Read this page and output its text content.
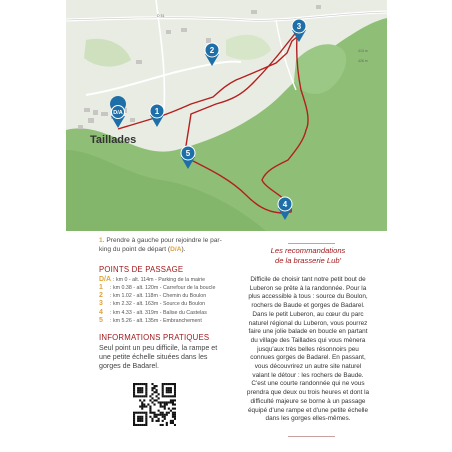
Taillades
D 31
413 m
426 m
D/A	1
2
3
4
5

1. Prendre à gauche pour rejoindre le par- king du point de départ (D/A).

POINTS DE PASSAGE
D/A : km 0 - alt. 114m - Parking de la mairie
1 : km 0.38 - alt. 120m - Carrefour de la boucle
2 : km 1.02 - alt. 118m - Chemin du Boulon
3 : km 2.32 - alt. 163m - Source du Boulon
4 : km 4.33 - alt. 319m - Balise du Castelas
5 : km 5.26 - alt. 135m - Embranchement
INFORMATIONS PRATIQUES

Seul point un peu difficile, la rampe et une petite échelle situées dans les gorges de Badarel.

Les recommandations
de la brasserie Lub'

Difficile de choisir tant notre petit bout de
Luberon se prête à la randonnée. Pour la
plus accessible à tous : source du Boulon,
rochers de Baude et gorges de Badarel.
Dans le petit Luberon, au cœur du parc
naturel régional du Luberon, vous pourrez
faire une jolie balade en boucle en partant
du village des Taillades qui vous mènera
jusqu'aux très belles résonnoirs peu
connues gorges de Badarel. En passant,
vous découvrirez un autre site naturel
valant le détour : les rochers de Baude.
C'est une courte randonnée qui ne vous
prendra que deux ou trois heures et dont la
difficulté majeure se borne à un passage
équipé d'une rampe et d'une petite échelle
dans les gorges elles-mêmes.
